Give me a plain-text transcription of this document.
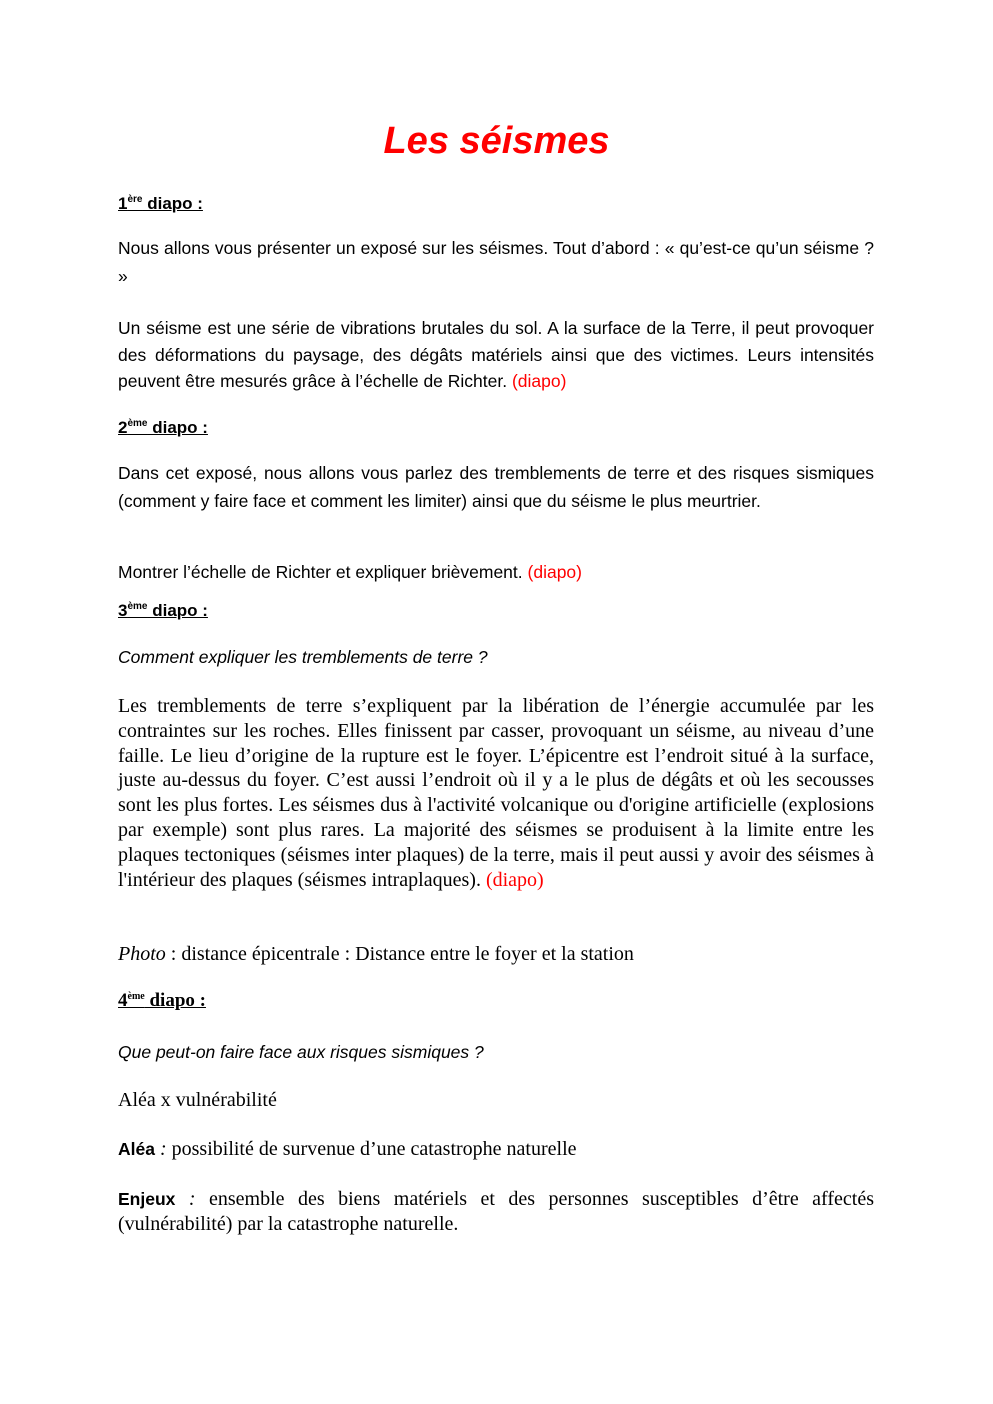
Les séismes
1ère diapo :

Nous allons vous présenter un exposé sur les séismes. Tout d’abord : « qu’est-ce qu’un séisme ? »

Un séisme est une série de vibrations brutales du sol. A la surface de la Terre, il peut provoquer des déformations du paysage, des dégâts matériels ainsi que des victimes. Leurs intensités peuvent être mesurés grâce à l’échelle de Richter. (diapo)

2ème diapo :

Dans cet exposé, nous allons vous parlez des tremblements de terre et des risques sismiques (comment y faire face et comment les limiter) ainsi que du séisme le plus meurtrier.

Montrer l’échelle de Richter et expliquer brièvement. (diapo)

3ème diapo :

Comment expliquer les tremblements de terre ?

Les tremblements de terre s’expliquent par la libération de l’énergie accumulée par les contraintes sur les roches. Elles finissent par casser, provoquant un séisme, au niveau d’une faille. Le lieu d’origine de la rupture est le foyer. L’épicentre est l’endroit situé à la surface, juste au-dessus du foyer. C’est aussi l’endroit où il y a le plus de dégâts et où les secousses sont les plus fortes. Les séismes dus à l'activité volcanique ou d'origine artificielle (explosions par exemple) sont plus rares. La majorité des séismes se produisent à la limite entre les plaques tectoniques (séismes inter plaques) de la terre, mais il peut aussi y avoir des séismes à l'intérieur des plaques (séismes intraplaques). (diapo)

Photo : distance épicentrale : Distance entre le foyer et la station

4ème diapo :

Que peut-on faire face aux risques sismiques ?

Aléa x vulnérabilité

Aléa : possibilité de survenue d’une catastrophe naturelle

Enjeux : ensemble des biens matériels et des personnes susceptibles d’être affectés (vulnérabilité) par la catastrophe naturelle.
